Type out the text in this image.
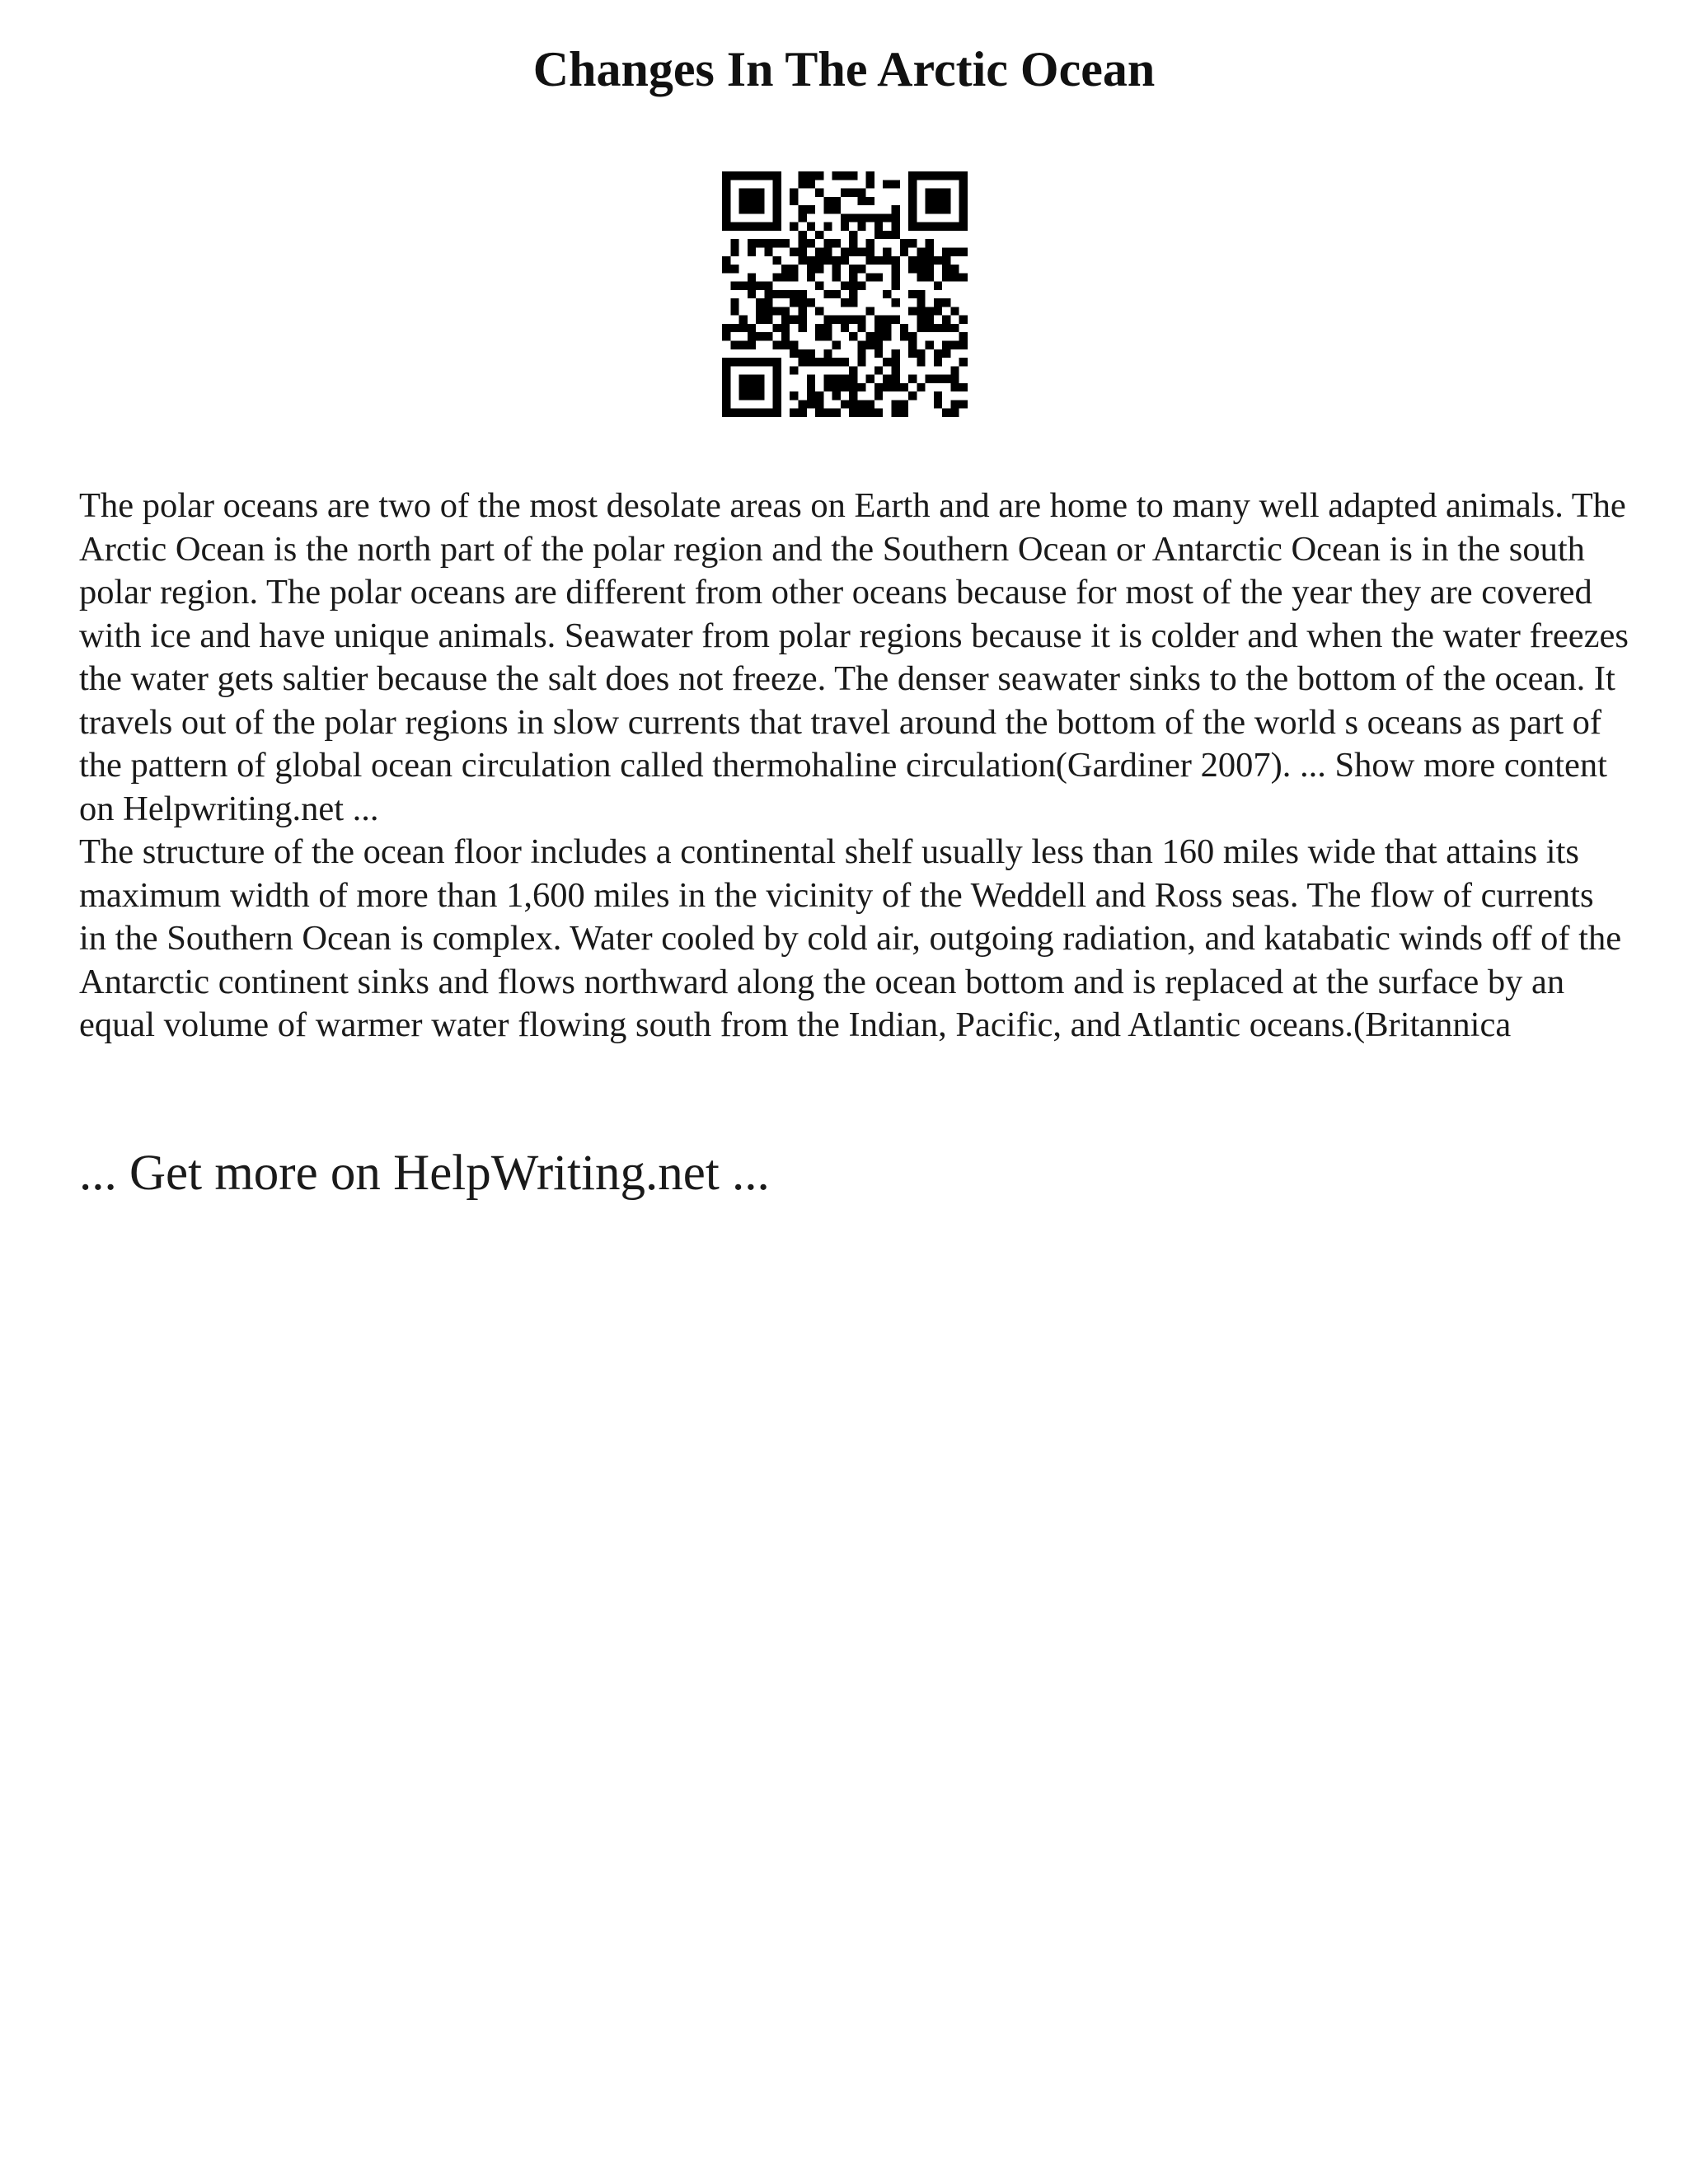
Changes In The Arctic Ocean

The polar oceans are two of the most desolate areas on Earth and are home to many well adapted animals. The Arctic Ocean is the north part of the polar region and the Southern Ocean or Antarctic Ocean is in the south polar region. The polar oceans are different from other oceans because for most of the year they are covered with ice and have unique animals. Seawater from polar regions because it is colder and when the water freezes the water gets saltier because the salt does not freeze. The denser seawater sinks to the bottom of the ocean. It travels out of the polar regions in slow currents that travel around the bottom of the world s oceans as part of the pattern of global ocean circulation called thermohaline circulation(Gardiner 2007). ... Show more content on Helpwriting.net ...

The structure of the ocean floor includes a continental shelf usually less than 160 miles wide that attains its maximum width of more than 1,600 miles in the vicinity of the Weddell and Ross seas. The flow of currents in the Southern Ocean is complex. Water cooled by cold air, outgoing radiation, and katabatic winds off of the Antarctic continent sinks and flows northward along the ocean bottom and is replaced at the surface by an equal volume of warmer water flowing south from the Indian, Pacific, and Atlantic oceans.(Britannica

... Get more on HelpWriting.net ...
